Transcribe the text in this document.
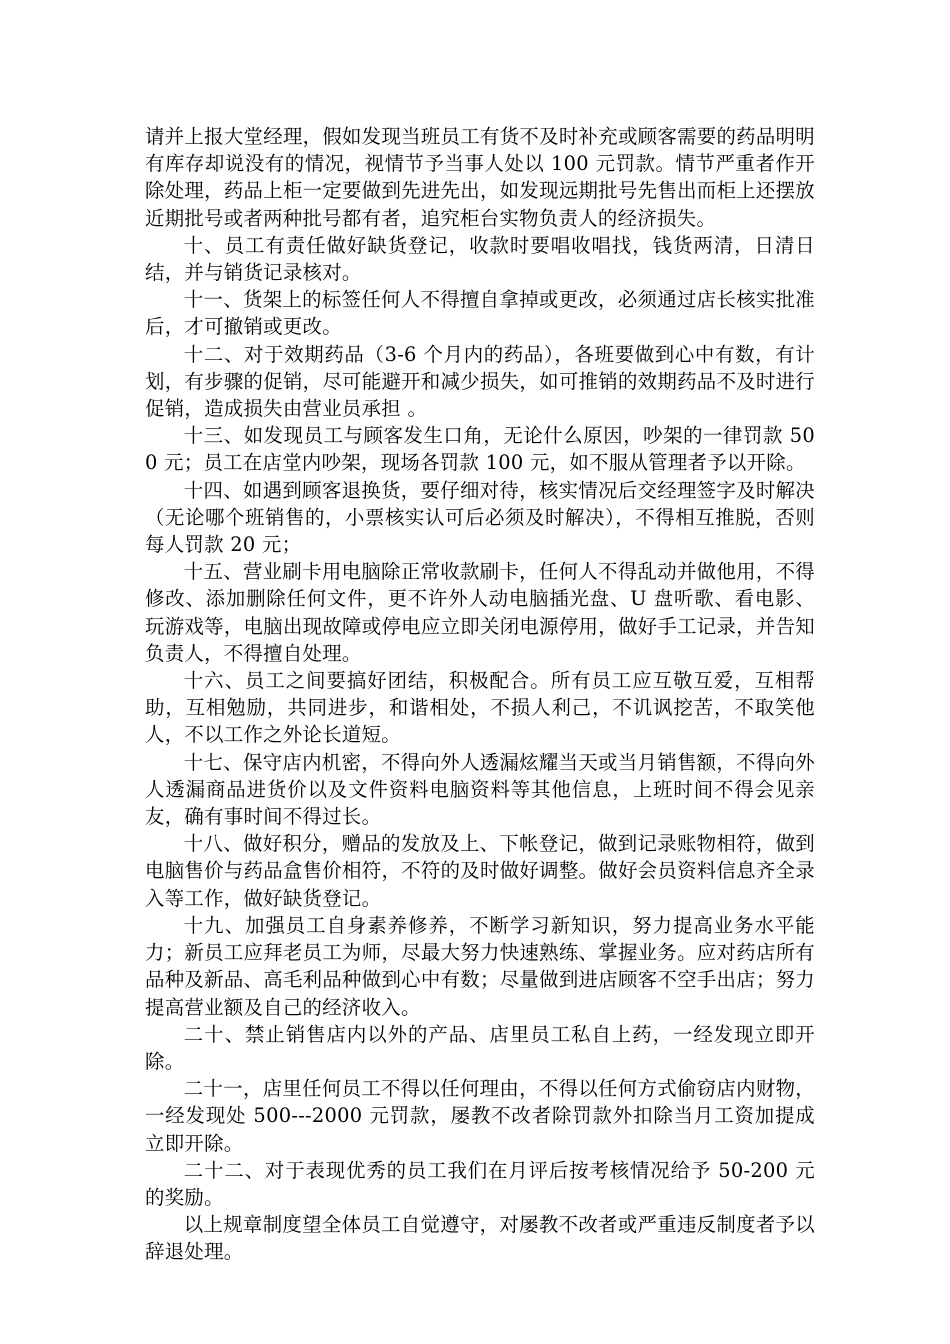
请并上报大堂经理，假如发现当班员工有货不及时补充或顾客需要的药品明明有库存却说没有的情况，视情节予当事人处以 100 元罚款。情节严重者作开除处理，药品上柜一定要做到先进先出，如发现远期批号先售出而柜上还摆放近期批号或者两种批号都有者，追究柜台实物负责人的经济损失。

十、员工有责任做好缺货登记，收款时要唱收唱找，钱货两清，日清日结，并与销货记录核对。

十一、货架上的标签任何人不得擅自拿掉或更改，必须通过店长核实批准后，才可撤销或更改。

十二、对于效期药品（3-6 个月内的药品），各班要做到心中有数，有计划，有步骤的促销，尽可能避开和减少损失，如可推销的效期药品不及时进行促销，造成损失由营业员承担 。

十三、如发现员工与顾客发生口角，无论什么原因，吵架的一律罚款 500 元；员工在店堂内吵架，现场各罚款 100 元，如不服从管理者予以开除。

十四、如遇到顾客退换货，要仔细对待，核实情况后交经理签字及时解决（无论哪个班销售的，小票核实认可后必须及时解决），不得相互推脱，否则每人罚款 20 元；

十五、营业刷卡用电脑除正常收款刷卡，任何人不得乱动并做他用，不得修改、添加删除任何文件，更不许外人动电脑插光盘、U 盘听歌、看电影、玩游戏等，电脑出现故障或停电应立即关闭电源停用，做好手工记录，并告知负责人，不得擅自处理。

十六、员工之间要搞好团结，积极配合。所有员工应互敬互爱，互相帮助，互相勉励，共同进步，和谐相处，不损人利己，不讥讽挖苦，不取笑他人，不以工作之外论长道短。

十七、保守店内机密，不得向外人透漏炫耀当天或当月销售额，不得向外人透漏商品进货价以及文件资料电脑资料等其他信息，上班时间不得会见亲友，确有事时间不得过长。

十八、做好积分，赠品的发放及上、下帐登记，做到记录账物相符，做到电脑售价与药品盒售价相符，不符的及时做好调整。做好会员资料信息齐全录入等工作，做好缺货登记。

十九、加强员工自身素养修养，不断学习新知识，努力提高业务水平能力；新员工应拜老员工为师，尽最大努力快速熟练、掌握业务。应对药店所有品种及新品、高毛利品种做到心中有数；尽量做到进店顾客不空手出店；努力提高营业额及自己的经济收入。

二十、禁止销售店内以外的产品、店里员工私自上药，一经发现立即开除。

二十一，店里任何员工不得以任何理由，不得以任何方式偷窃店内财物，一经发现处 500---2000 元罚款，屡教不改者除罚款外扣除当月工资加提成立即开除。

二十二、对于表现优秀的员工我们在月评后按考核情况给予 50-200 元的奖励。

以上规章制度望全体员工自觉遵守，对屡教不改者或严重违反制度者予以辞退处理。
